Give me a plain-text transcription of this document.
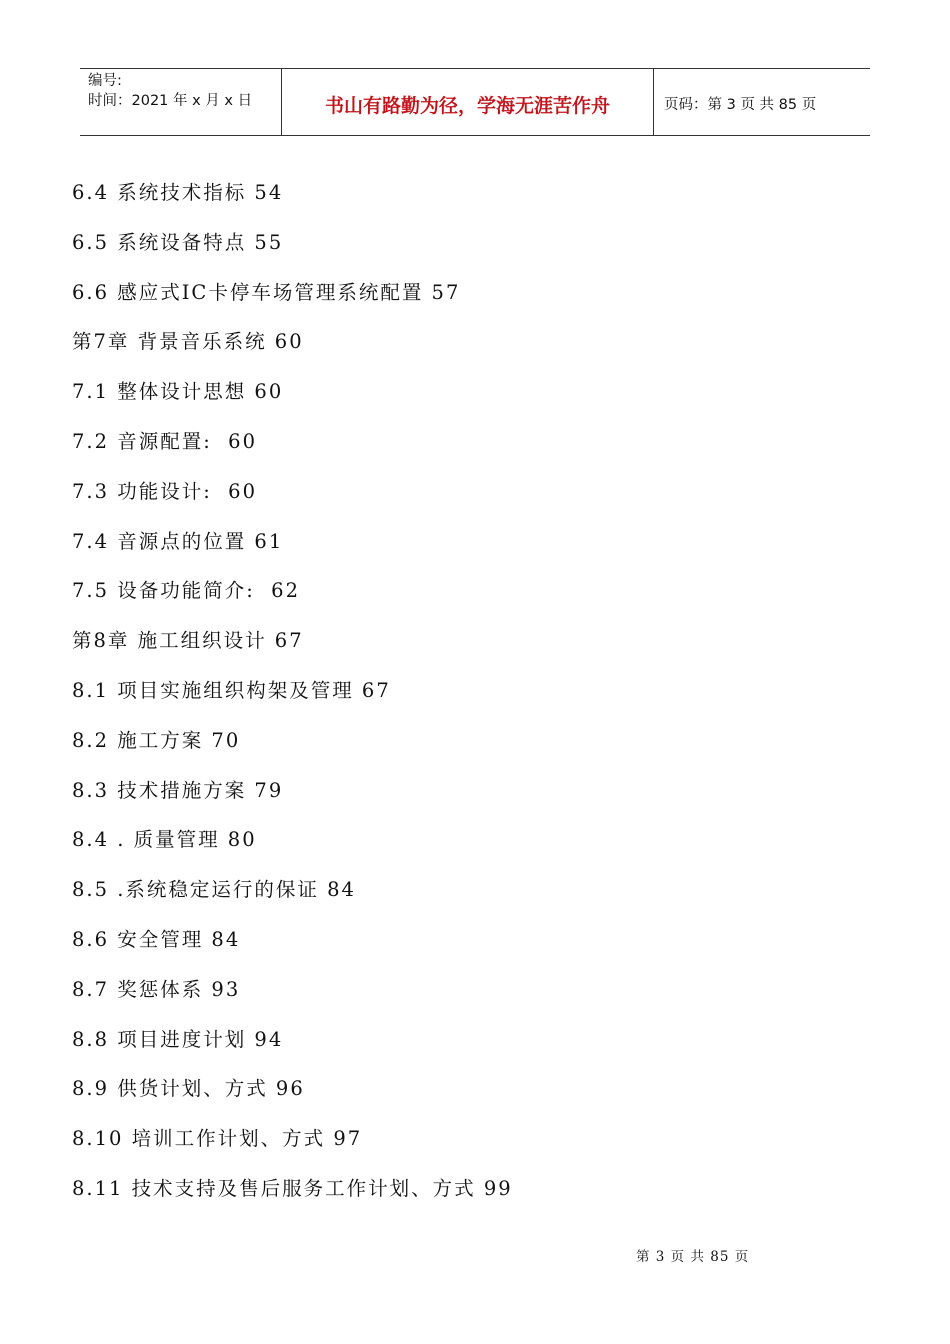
编号:
时间：2021 年 x 月 x 日	书山有路勤为径，学海无涯苦作舟	页码：第 3 页 共 85 页
6.4 系统技术指标 54
6.5 系统设备特点 55
6.6 感应式IC卡停车场管理系统配置 57
第7章 背景音乐系统 60
7.1 整体设计思想 60
7.2 音源配置:  60
7.3 功能设计:  60
7.4 音源点的位置 61
7.5 设备功能简介:  62
第8章 施工组织设计 67
8.1 项目实施组织构架及管理 67
8.2 施工方案 70
8.3 技术措施方案 79
8.4 . 质量管理 80
8.5 .系统稳定运行的保证 84
8.6 安全管理 84
8.7 奖惩体系 93
8.8 项目进度计划 94
8.9 供货计划、方式 96
8.10 培训工作计划、方式 97
8.11 技术支持及售后服务工作计划、方式 99
第 3 页 共 85 页
